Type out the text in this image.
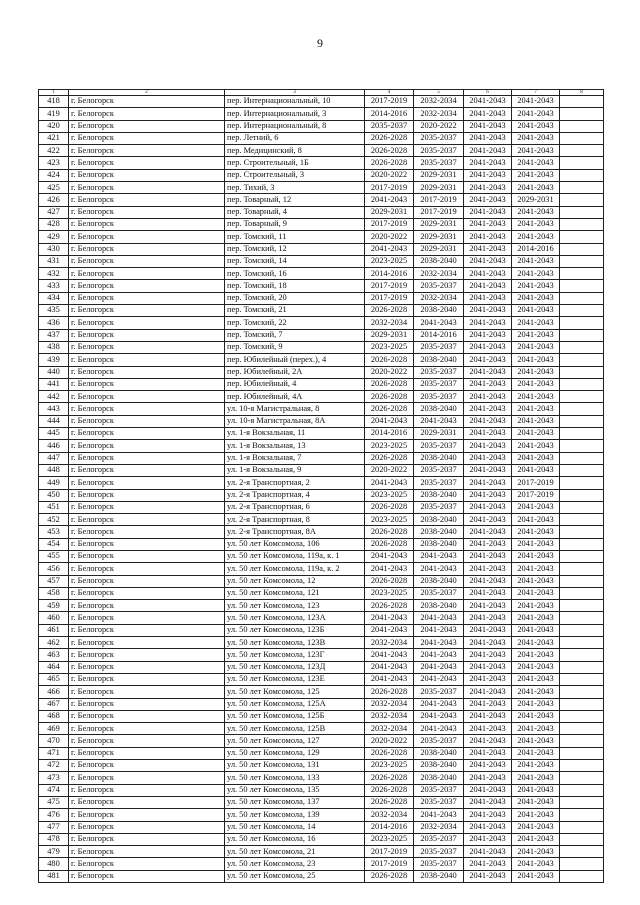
9
1	2	3	4	5	6	7	8
418	г. Белогорск	пер. Интернациональный, 10	2017-2019	2032-2034	2041-2043	2041-2043	
419	г. Белогорск	пер. Интернациональный, 3	2014-2016	2032-2034	2041-2043	2041-2043	
420	г. Белогорск	пер. Интернациональный, 8	2035-2037	2020-2022	2041-2043	2041-2043	
421	г. Белогорск	пер. Летний, 6	2026-2028	2035-2037	2041-2043	2041-2043	
422	г. Белогорск	пер. Медицинский, 8	2026-2028	2035-2037	2041-2043	2041-2043	
423	г. Белогорск	пер. Строительный, 1Б	2026-2028	2035-2037	2041-2043	2041-2043	
424	г. Белогорск	пер. Строительный, 3	2020-2022	2029-2031	2041-2043	2041-2043	
425	г. Белогорск	пер. Тихий, 3	2017-2019	2029-2031	2041-2043	2041-2043	
426	г. Белогорск	пер. Товарный, 12	2041-2043	2017-2019	2041-2043	2029-2031	
427	г. Белогорск	пер. Товарный, 4	2029-2031	2017-2019	2041-2043	2041-2043	
428	г. Белогорск	пер. Товарный, 9	2017-2019	2029-2031	2041-2043	2041-2043	
429	г. Белогорск	пер. Томский, 11	2020-2022	2029-2031	2041-2043	2041-2043	
430	г. Белогорск	пер. Томский, 12	2041-2043	2029-2031	2041-2043	2014-2016	
431	г. Белогорск	пер. Томский, 14	2023-2025	2038-2040	2041-2043	2041-2043	
432	г. Белогорск	пер. Томский, 16	2014-2016	2032-2034	2041-2043	2041-2043	
433	г. Белогорск	пер. Томский, 18	2017-2019	2035-2037	2041-2043	2041-2043	
434	г. Белогорск	пер. Томский, 20	2017-2019	2032-2034	2041-2043	2041-2043	
435	г. Белогорск	пер. Томский, 21	2026-2028	2038-2040	2041-2043	2041-2043	
436	г. Белогорск	пер. Томский, 22	2032-2034	2041-2043	2041-2043	2041-2043	
437	г. Белогорск	пер. Томский, 7	2029-2031	2014-2016	2041-2043	2041-2043	
438	г. Белогорск	пер. Томский, 9	2023-2025	2035-2037	2041-2043	2041-2043	
439	г. Белогорск	пер. Юбилейный (перех.), 4	2026-2028	2038-2040	2041-2043	2041-2043	
440	г. Белогорск	пер. Юбилейный, 2А	2020-2022	2035-2037	2041-2043	2041-2043	
441	г. Белогорск	пер. Юбилейный, 4	2026-2028	2035-2037	2041-2043	2041-2043	
442	г. Белогорск	пер. Юбилейный, 4А	2026-2028	2035-2037	2041-2043	2041-2043	
443	г. Белогорск	ул. 10-я Магистральная, 8	2026-2028	2038-2040	2041-2043	2041-2043	
444	г. Белогорск	ул. 10-я Магистральная, 8А	2041-2043	2041-2043	2041-2043	2041-2043	
445	г. Белогорск	ул. 1-я Вокзальная, 11	2014-2016	2029-2031	2041-2043	2041-2043	
446	г. Белогорск	ул. 1-я Вокзальная, 13	2023-2025	2035-2037	2041-2043	2041-2043	
447	г. Белогорск	ул. 1-я Вокзальная, 7	2026-2028	2038-2040	2041-2043	2041-2043	
448	г. Белогорск	ул. 1-я Вокзальная, 9	2020-2022	2035-2037	2041-2043	2041-2043	
449	г. Белогорск	ул. 2-я Транспортная, 2	2041-2043	2035-2037	2041-2043	2017-2019	
450	г. Белогорск	ул. 2-я Транспортная, 4	2023-2025	2038-2040	2041-2043	2017-2019	
451	г. Белогорск	ул. 2-я Транспортная, 6	2026-2028	2035-2037	2041-2043	2041-2043	
452	г. Белогорск	ул. 2-я Транспортная, 8	2023-2025	2038-2040	2041-2043	2041-2043	
453	г. Белогорск	ул. 2-я Транспортная, 8А	2026-2028	2038-2040	2041-2043	2041-2043	
454	г. Белогорск	ул. 50 лет Комсомола, 106	2026-2028	2038-2040	2041-2043	2041-2043	
455	г. Белогорск	ул. 50 лет Комсомола, 119а, к. 1	2041-2043	2041-2043	2041-2043	2041-2043	
456	г. Белогорск	ул. 50 лет Комсомола, 119а, к. 2	2041-2043	2041-2043	2041-2043	2041-2043	
457	г. Белогорск	ул. 50 лет Комсомола, 12	2026-2028	2038-2040	2041-2043	2041-2043	
458	г. Белогорск	ул. 50 лет Комсомола, 121	2023-2025	2035-2037	2041-2043	2041-2043	
459	г. Белогорск	ул. 50 лет Комсомола, 123	2026-2028	2038-2040	2041-2043	2041-2043	
460	г. Белогорск	ул. 50 лет Комсомола, 123А	2041-2043	2041-2043	2041-2043	2041-2043	
461	г. Белогорск	ул. 50 лет Комсомола, 123Б	2041-2043	2041-2043	2041-2043	2041-2043	
462	г. Белогорск	ул. 50 лет Комсомола, 123В	2032-2034	2041-2043	2041-2043	2041-2043	
463	г. Белогорск	ул. 50 лет Комсомола, 123Г	2041-2043	2041-2043	2041-2043	2041-2043	
464	г. Белогорск	ул. 50 лет Комсомола, 123Д	2041-2043	2041-2043	2041-2043	2041-2043	
465	г. Белогорск	ул. 50 лет Комсомола, 123Е	2041-2043	2041-2043	2041-2043	2041-2043	
466	г. Белогорск	ул. 50 лет Комсомола, 125	2026-2028	2035-2037	2041-2043	2041-2043	
467	г. Белогорск	ул. 50 лет Комсомола, 125А	2032-2034	2041-2043	2041-2043	2041-2043	
468	г. Белогорск	ул. 50 лет Комсомола, 125Б	2032-2034	2041-2043	2041-2043	2041-2043	
469	г. Белогорск	ул. 50 лет Комсомола, 125В	2032-2034	2041-2043	2041-2043	2041-2043	
470	г. Белогорск	ул. 50 лет Комсомола, 127	2020-2022	2035-2037	2041-2043	2041-2043	
471	г. Белогорск	ул. 50 лет Комсомола, 129	2026-2028	2038-2040	2041-2043	2041-2043	
472	г. Белогорск	ул. 50 лет Комсомола, 131	2023-2025	2038-2040	2041-2043	2041-2043	
473	г. Белогорск	ул. 50 лет Комсомола, 133	2026-2028	2038-2040	2041-2043	2041-2043	
474	г. Белогорск	ул. 50 лет Комсомола, 135	2026-2028	2035-2037	2041-2043	2041-2043	
475	г. Белогорск	ул. 50 лет Комсомола, 137	2026-2028	2035-2037	2041-2043	2041-2043	
476	г. Белогорск	ул. 50 лет Комсомола, 139	2032-2034	2041-2043	2041-2043	2041-2043	
477	г. Белогорск	ул. 50 лет Комсомола, 14	2014-2016	2032-2034	2041-2043	2041-2043	
478	г. Белогорск	ул. 50 лет Комсомола, 16	2023-2025	2035-2037	2041-2043	2041-2043	
479	г. Белогорск	ул. 50 лет Комсомола, 21	2017-2019	2035-2037	2041-2043	2041-2043	
480	г. Белогорск	ул. 50 лет Комсомола, 23	2017-2019	2035-2037	2041-2043	2041-2043	
481	г. Белогорск	ул. 50 лет Комсомола, 25	2026-2028	2038-2040	2041-2043	2041-2043	
